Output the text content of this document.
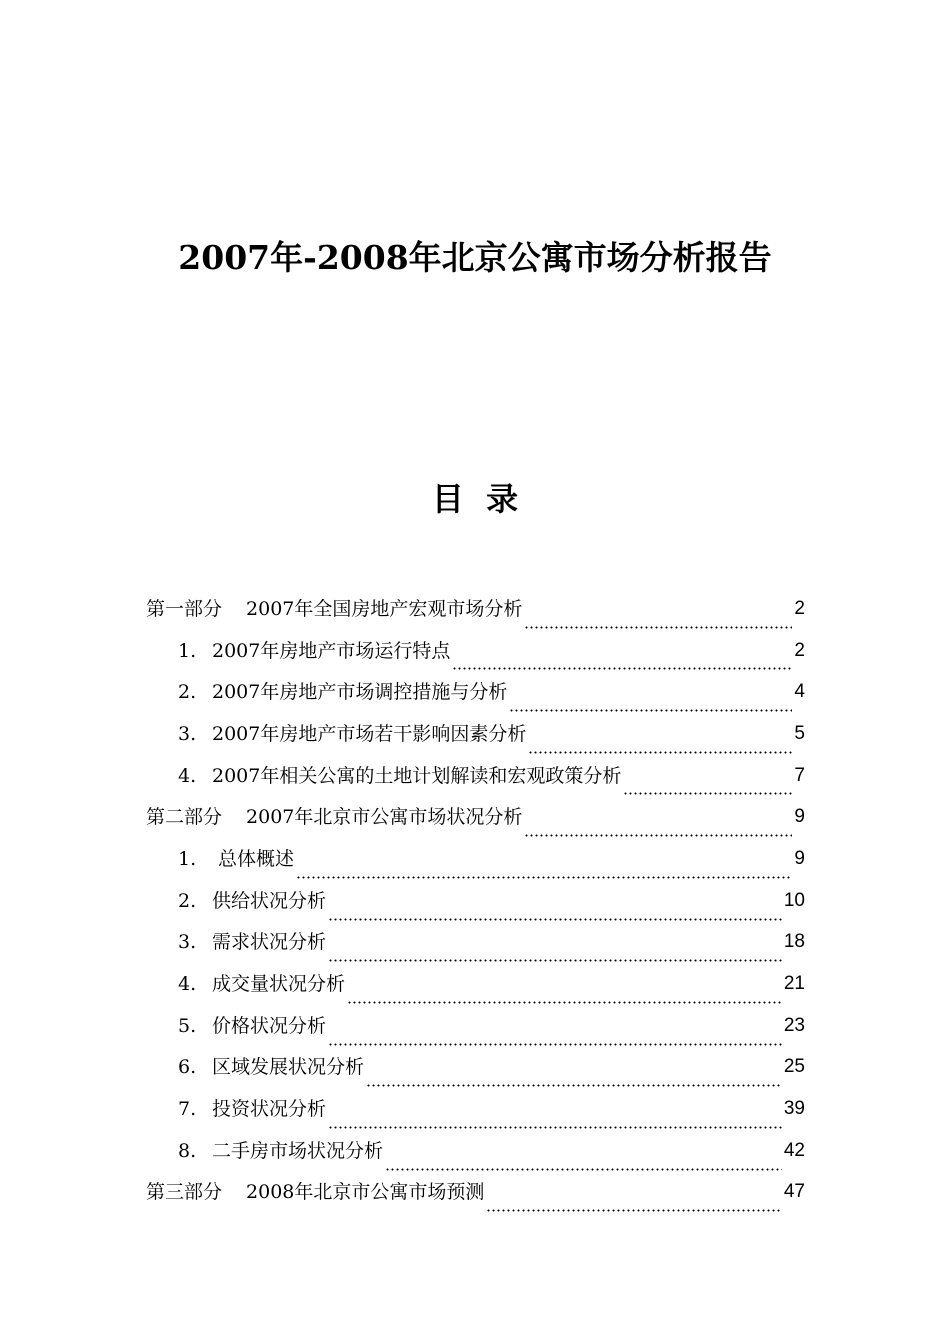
2007年-2008年北京公寓市场分析报告
目  录
第一部分 2007年全国房地产宏观市场分析	2
1. 2007年房地产市场运行特点	2
2. 2007年房地产市场调控措施与分析	4
3. 2007年房地产市场若干影响因素分析	5
4. 2007年相关公寓的土地计划解读和宏观政策分析	7
第二部分 2007年北京市公寓市场状况分析	9
1. 总体概述	9
2. 供给状况分析	10
3. 需求状况分析	18
4. 成交量状况分析	21
5. 价格状况分析	23
6. 区域发展状况分析	25
7. 投资状况分析	39
8. 二手房市场状况分析	42
第三部分 2008年北京市公寓市场预测	47
